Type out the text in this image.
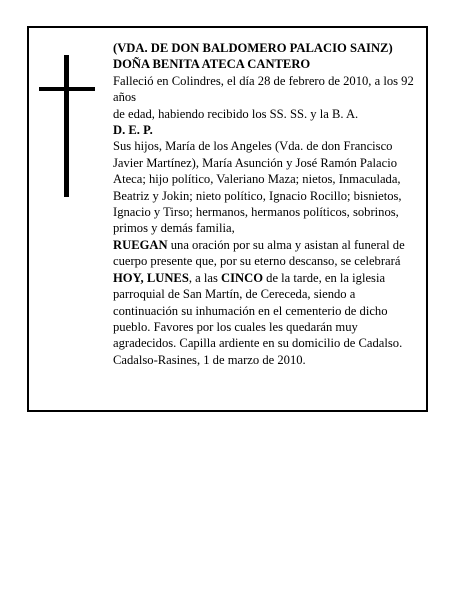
(VDA. DE DON BALDOMERO PALACIO SAINZ)

DOÑA BENITA ATECA CANTERO

Falleció en Colindres, el día 28 de febrero de 2010, a los 92 años

de edad, habiendo recibido los SS. SS. y la B. A.

D. E. P.

Sus hijos, María de los Angeles (Vda. de don Francisco Javier Martínez), María Asunción y José Ramón Palacio Ateca; hijo político, Valeriano Maza; nietos, Inmaculada, Beatriz y Jokin; nieto político, Ignacio Rocillo; bisnietos, Ignacio y Tirso; hermanos, hermanos políticos, sobrinos, primos y demás familia,

RUEGAN una oración por su alma y asistan al funeral de cuerpo presente que, por su eterno descanso, se celebrará HOY, LUNES, a las CINCO de la tarde, en la iglesia parroquial de San Martín, de Cereceda, siendo a continuación su inhumación en el cementerio de dicho pueblo. Favores por los cuales les quedarán muy agradecidos. Capilla ardiente en su domicilio de Cadalso.

Cadalso-Rasines, 1 de marzo de 2010.
